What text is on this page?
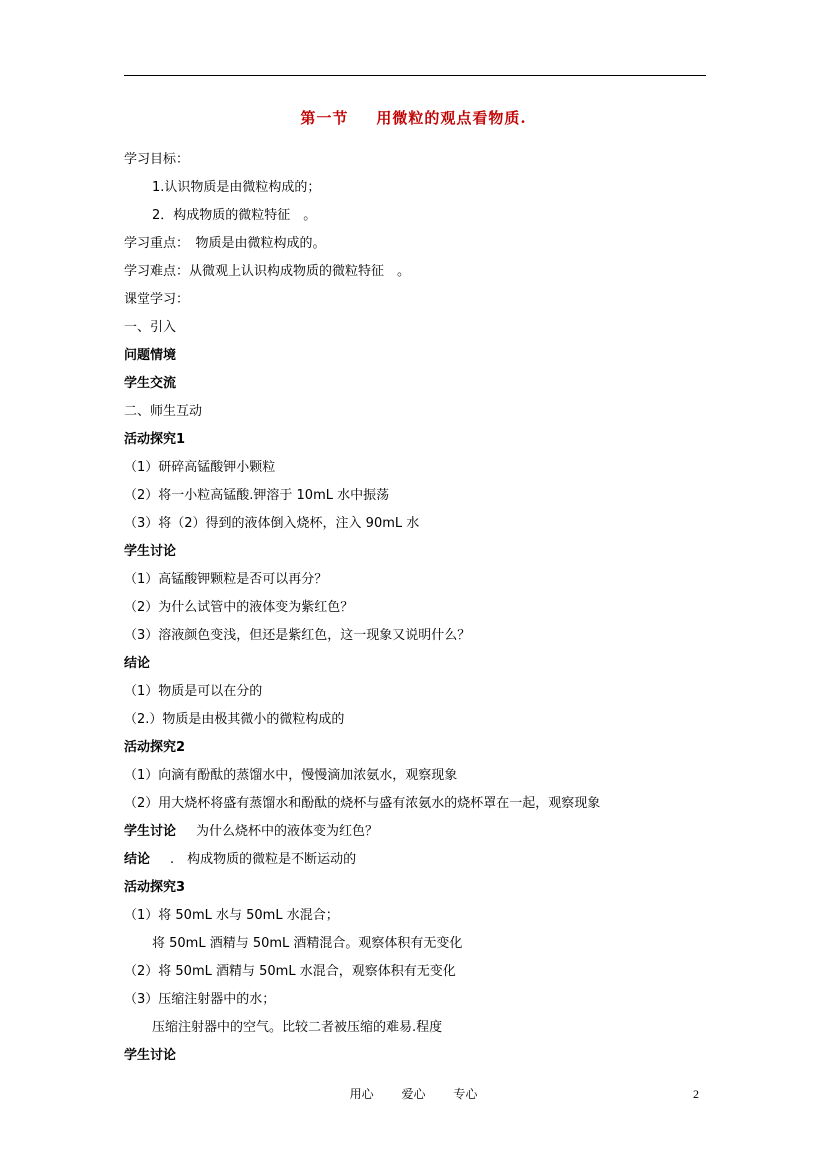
第一节 用微粒的观点看物质.
学习目标：
1.认识物质是由微粒构成的；
2．构成物质的微粒特征　。
学习重点：　物质是由微粒构成的。
学习难点：从微观上认识构成物质的微粒特征　。
课堂学习：
一、引入
问题情境
学生交流
二、师生互动
活动探究1
（1）研碎高锰酸钾小颗粒
（2）将一小粒高锰酸.钾溶于 10mL 水中振荡
（3）将（2）得到的液体倒入烧杯，注入 90mL 水
学生讨论
（1）高锰酸钾颗粒是否可以再分？
（2）为什么试管中的液体变为紫红色？
（3）溶液颜色变浅，但还是紫红色，这一现象又说明什么？
结论
（1）物质是可以在分的
（2.）物质是由极其微小的微粒构成的
活动探究2
（1）向滴有酚酞的蒸馏水中，慢慢滴加浓氨水，观察现象
（2）用大烧杯将盛有蒸馏水和酚酞的烧杯与盛有浓氨水的烧杯罩在一起，观察现象
学生讨论 为什么烧杯中的液体变为红色？
结论 .　构成物质的微粒是不断运动的
活动探究3
（1）将 50mL 水与 50mL 水混合；
将 50mL 酒精与 50mL 酒精混合。观察体积有无变化
（2）将 50mL 酒精与 50mL 水混合，观察体积有无变化
（3）压缩注射器中的水；
压缩注射器中的空气。比较二者被压缩的难易.程度
学生讨论
用心 爱心 专心	2
